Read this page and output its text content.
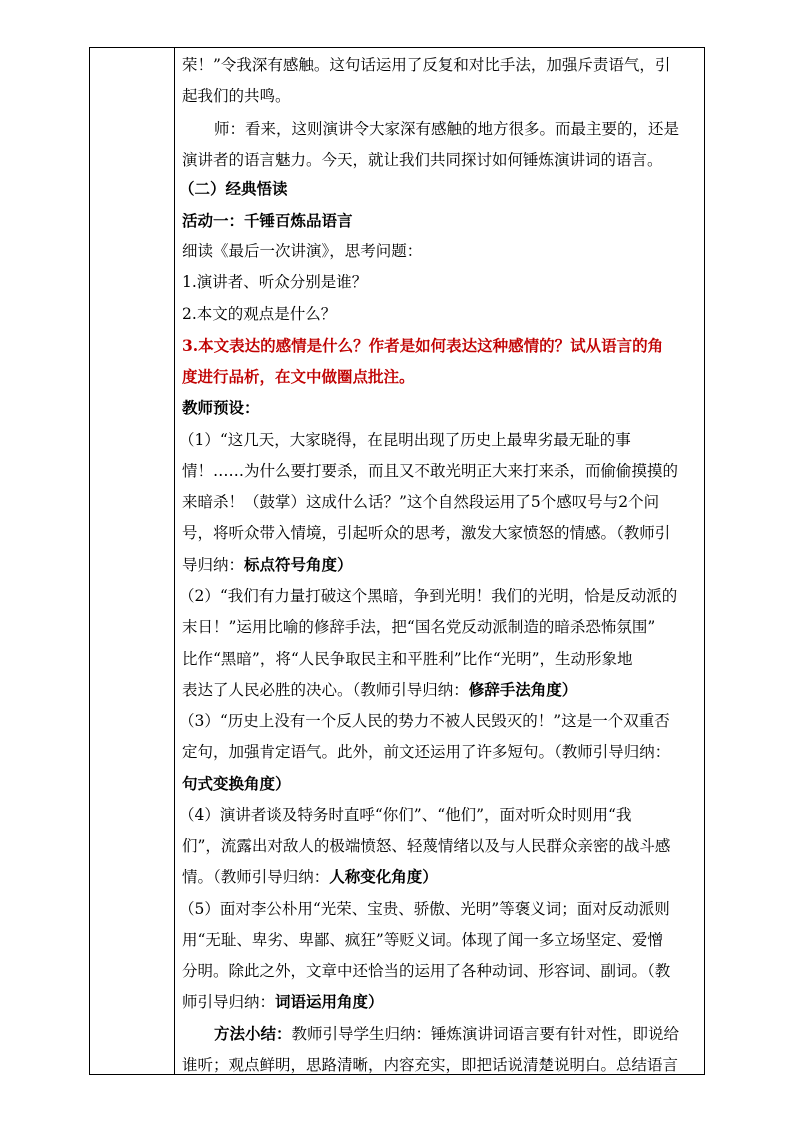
荣！”令我深有感触。这句话运用了反复和对比手法，加强斥责语气，引
起我们的共鸣。
师：看来，这则演讲令大家深有感触的地方很多。而最主要的，还是
演讲者的语言魅力。今天，就让我们共同探讨如何锤炼演讲词的语言。
（二）经典悟读
活动一：千锤百炼品语言
细读《最后一次讲演》，思考问题：
1.演讲者、听众分别是谁？
2.本文的观点是什么？
3.本文表达的感情是什么？作者是如何表达这种感情的？试从语言的角
度进行品析，在文中做圈点批注。
教师预设：
（1）“这几天，大家晓得，在昆明出现了历史上最卑劣最无耻的事
情！……为什么要打要杀，而且又不敢光明正大来打来杀，而偷偷摸摸的
来暗杀！（鼓掌）这成什么话？”这个自然段运用了5个感叹号与2个问
号，将听众带入情境，引起听众的思考，激发大家愤怒的情感。（教师引
导归纳：标点符号角度）
（2）“我们有力量打破这个黑暗，争到光明！我们的光明，恰是反动派的
末日！”运用比喻的修辞手法，把“国名党反动派制造的暗杀恐怖氛围”
比作“黑暗”，将“人民争取民主和平胜利”比作“光明”，生动形象地
表达了人民必胜的决心。（教师引导归纳：修辞手法角度）
（3）“历史上没有一个反人民的势力不被人民毁灭的！”这是一个双重否
定句，加强肯定语气。此外，前文还运用了许多短句。（教师引导归纳：
句式变换角度）
（4）演讲者谈及特务时直呼“你们”、“他们”，面对听众时则用“我
们”，流露出对敌人的极端愤怒、轻蔑情绪以及与人民群众亲密的战斗感
情。（教师引导归纳：人称变化角度）
（5）面对李公朴用“光荣、宝贵、骄傲、光明”等褒义词；面对反动派则
用“无耻、卑劣、卑鄙、疯狂”等贬义词。体现了闻一多立场坚定、爱憎
分明。除此之外，文章中还恰当的运用了各种动词、形容词、副词。（教
师引导归纳：词语运用角度）
方法小结：教师引导学生归纳：锤炼演讲词语言要有针对性，即说给
谁听；观点鲜明，思路清晰，内容充实，即把话说清楚说明白。总结语言
